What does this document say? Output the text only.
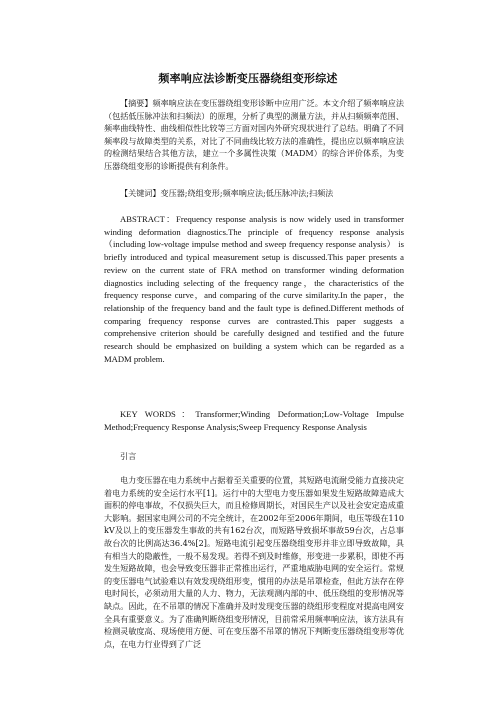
频率响应法诊断变压器绕组变形综述

【摘要】频率响应法在变压器绕组变形诊断中应用广泛。本文介绍了频率响应法（包括低压脉冲法和扫频法）的原理，分析了典型的测量方法，并从扫频频率范围、频率曲线特性、曲线相似性比较等三方面对国内外研究现状进行了总结。明确了不同频率段与故障类型的关系，对比了不同曲线比较方法的准确性，提出应以频率响应法的检测结果结合其他方法，建立一个多属性决策（MADM）的综合评价体系，为变压器绕组变形的诊断提供有利条件。

【关键词】变压器;绕组变形;频率响应法;低压脉冲法;扫频法

ABSTRACT：Frequency response analysis is now widely used in transformer winding deformation diagnostics.The principle of frequency response analysis （including low-voltage impulse method and sweep frequency response analysis） is briefly introduced and typical measurement setup is discussed.This paper presents a review on the current state of FRA method on transformer winding deformation diagnostics including selecting of the frequency range，the characteristics of the frequency response curve，and comparing of the curve similarity.In the paper，the relationship of the frequency band and the fault type is defined.Different methods of comparing frequency response curves are contrasted.This paper suggests a comprehensive criterion should be carefully designed and testified and the future research should be emphasized on building a system which can be regarded as a MADM problem.

KEY WORDS：Transformer;Winding Deformation;Low-Voltage Impulse Method;Frequency Response Analysis;Sweep Frequency Response Analysis

引言

电力变压器在电力系统中占据着至关重要的位置，其短路电流耐受能力直接决定着电力系统的安全运行水平[1]。运行中的大型电力变压器如果发生短路故障造成大面积的停电事故，不仅损失巨大，而且检修周期长，对国民生产以及社会安定造成重大影响。据国家电网公司的不完全统计，在2002年至2006年期间，电压等级在110 kV及以上的变压器发生事故的共有162台次，而短路导致损坏事故59台次，占总事故台次的比例高达36.4%[2]。短路电流引起变压器绕组变形并非立即导致故障，具有相当大的隐蔽性，一般不易发现。若得不到及时维修，形变进一步累积，即使不再发生短路故障，也会导致变压器非正常推出运行，严重地威胁电网的安全运行。常规的变压器电气试验难以有效发现绕组形变，惯用的办法是吊罩检查，但此方法存在停电时间长，必须动用大量的人力、物力，无法观测内部的中、低压绕组的变形情况等缺点。因此，在不吊罩的情况下准确并及时发现变压器的绕组形变程度对提高电网安全具有重要意义。为了准确判断绕组变形情况，目前常采用频率响应法，该方法具有检测灵敏度高、现场使用方便、可在变压器不吊罩的情况下判断变压器绕组变形等优点，在电力行业得到了广泛
